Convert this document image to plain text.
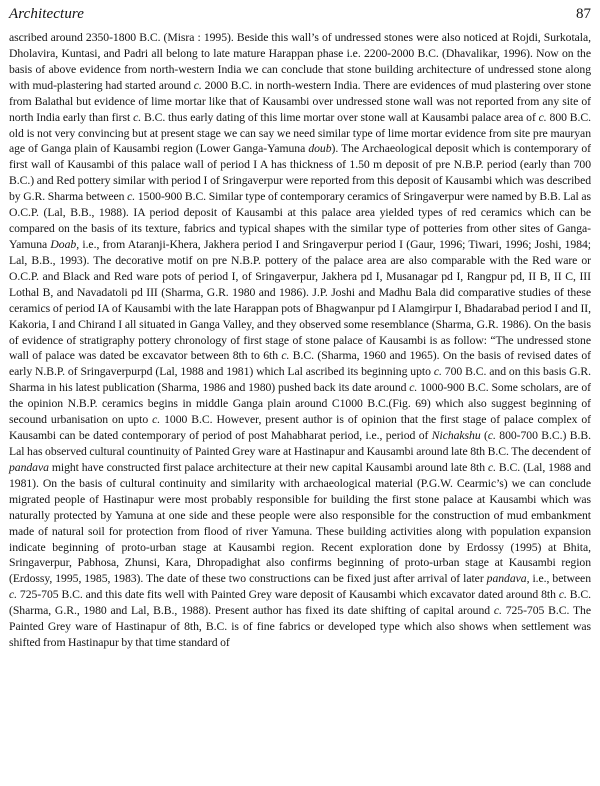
Architecture	87

ascribed around 2350-1800 B.C. (Misra : 1995). Beside this wall’s of undressed stones were also noticed at Rojdi, Surkotala, Dholavira, Kuntasi, and Padri all belong to late mature Harappan phase i.e. 2200-2000 B.C. (Dhavalikar, 1996). Now on the basis of above evidence from north-western India we can conclude that stone building architecture of undressed stone along with mud-plastering had started around c. 2000 B.C. in north-western India. There are evidences of mud plastering over stone from Balathal but evidence of lime mortar like that of Kausambi over undressed stone wall was not reported from any site of north India early than first c. B.C. thus early dating of this lime mortar over stone wall at Kausambi palace area of c. 800 B.C. old is not very convincing but at present stage we can say we need similar type of lime mortar evidence from site pre mauryan age of Ganga plain of Kausambi region (Lower Ganga-Yamuna doub). The Archaeological deposit which is contemporary of first wall of Kausambi of this palace wall of period I A has thickness of 1.50 m deposit of pre N.B.P. period (early than 700 B.C.) and Red pottery similar with period I of Sringaverpur were reported from this deposit of Kausambi which was described by G.R. Sharma between c. 1500-900 B.C. Similar type of contemporary ceramics of Sringaverpur were named by B.B. Lal as O.C.P. (Lal, B.B., 1988). IA period deposit of Kausambi at this palace area yielded types of red ceramics which can be compared on the basis of its texture, fabrics and typical shapes with the similar type of potteries from other sites of Ganga-Yamuna Doab, i.e., from Ataranji-Khera, Jakhera period I and Sringaverpur period I (Gaur, 1996; Tiwari, 1996; Joshi, 1984; Lal, B.B., 1993). The decorative motif on pre N.B.P. pottery of the palace area are also comparable with the Red ware or O.C.P. and Black and Red ware pots of period I, of Sringaverpur, Jakhera pd I, Musanagar pd I, Rangpur pd, II B, II C, III Lothal B, and Navadatoli pd III (Sharma, G.R. 1980 and 1986). J.P. Joshi and Madhu Bala did comparative studies of these ceramics of period IA of Kausambi with the late Harappan pots of Bhagwanpur pd I Alamgirpur I, Bhadarabad period I and II, Kakoria, I and Chirand I all situated in Ganga Valley, and they observed some resemblance (Sharma, G.R. 1986). On the basis of evidence of stratigraphy pottery chronology of first stage of stone palace of Kausambi is as follow: “The undressed stone wall of palace was dated be excavator between 8th to 6th c. B.C. (Sharma, 1960 and 1965). On the basis of revised dates of early N.B.P. of Sringaverpurpd (Lal, 1988 and 1981) which Lal ascribed its beginning upto c. 700 B.C. and on this basis G.R. Sharma in his latest publication (Sharma, 1986 and 1980) pushed back its date around c. 1000-900 B.C. Some scholars, are of the opinion N.B.P. ceramics begins in middle Ganga plain around C1000 B.C.(Fig. 69) which also suggest beginning of secound urbanisation on upto c. 1000 B.C. However, present author is of opinion that the first stage of palace complex of Kausambi can be dated contemporary of period of post Mahabharat period, i.e., period of Nichakshu (c. 800-700 B.C.) B.B. Lal has observed cultural countinuity of Painted Grey ware at Hastinapur and Kausambi around late 8th B.C. The decendent of pandava might have constructed first palace architecture at their new capital Kausambi around late 8th c. B.C. (Lal, 1988 and 1981). On the basis of cultural continuity and similarity with archaeological material (P.G.W. Cearmic’s) we can conclude migrated people of Hastinapur were most probably responsible for building the first stone palace at Kausambi which was naturally protected by Yamuna at one side and these people were also responsible for the construction of mud embankment made of natural soil for protection from flood of river Yamuna. These building activities along with population expansion indicate beginning of proto-urban stage at Kausambi region. Recent exploration done by Erdossy (1995) at Bhita, Sringaverpur, Pabhosa, Zhunsi, Kara, Dhropadighat also confirms beginning of proto-urban stage at Kausambi region (Erdossy, 1995, 1985, 1983). The date of these two constructions can be fixed just after arrival of later pandava, i.e., between c. 725-705 B.C. and this date fits well with Painted Grey ware deposit of Kausambi which excavator dated around 8th c. B.C. (Sharma, G.R., 1980 and Lal, B.B., 1988). Present author has fixed its date shifting of capital around c. 725-705 B.C. The Painted Grey ware of Hastinapur of 8th, B.C. is of fine fabrics or developed type which also shows when settlement was shifted from Hastinapur by that time standard of
